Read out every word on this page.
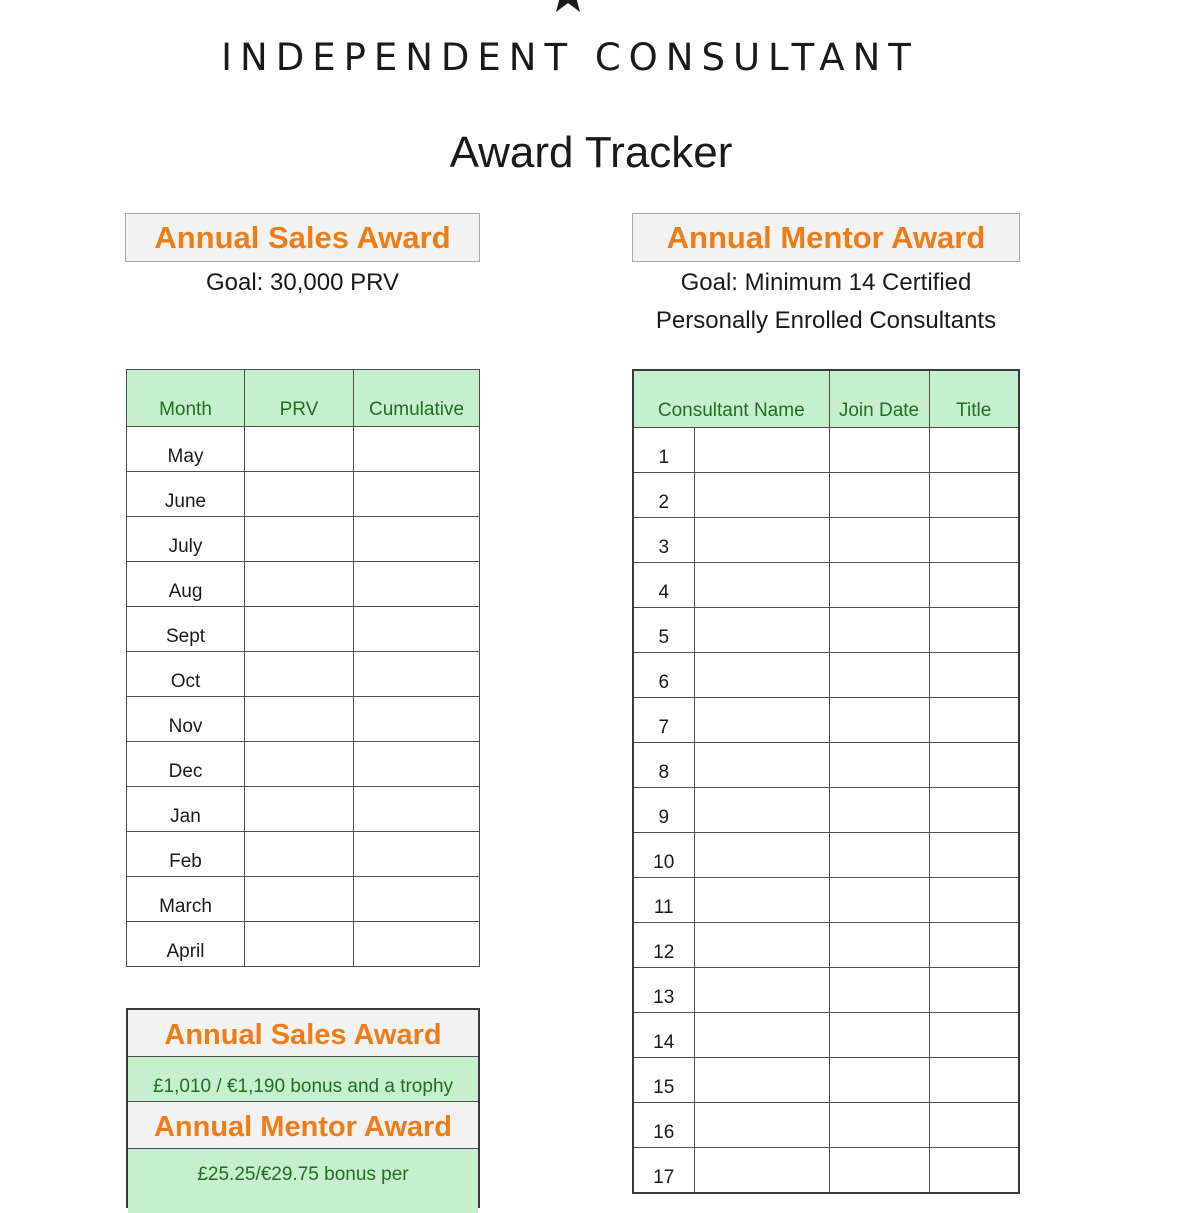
INDEPENDENT CONSULTANT
Award Tracker
Annual Sales Award
Goal: 30,000 PRV
Month	PRV	Cumulative
May		
June		
July		
Aug		
Sept		
Oct		
Nov		
Dec		
Jan		
Feb		
March		
April		
Annual Mentor Award
Goal: Minimum 14 Certified
Personally Enrolled Consultants
Consultant Name		Join Date	Title
1			
2			
3			
4			
5			
6			
7			
8			
9			
10			
11			
12			
13			
14			
15			
16			
17			
Annual Sales Award
£1,010 / €1,190 bonus and a trophy
Annual Mentor Award
£25.25/€29.75 bonus per
